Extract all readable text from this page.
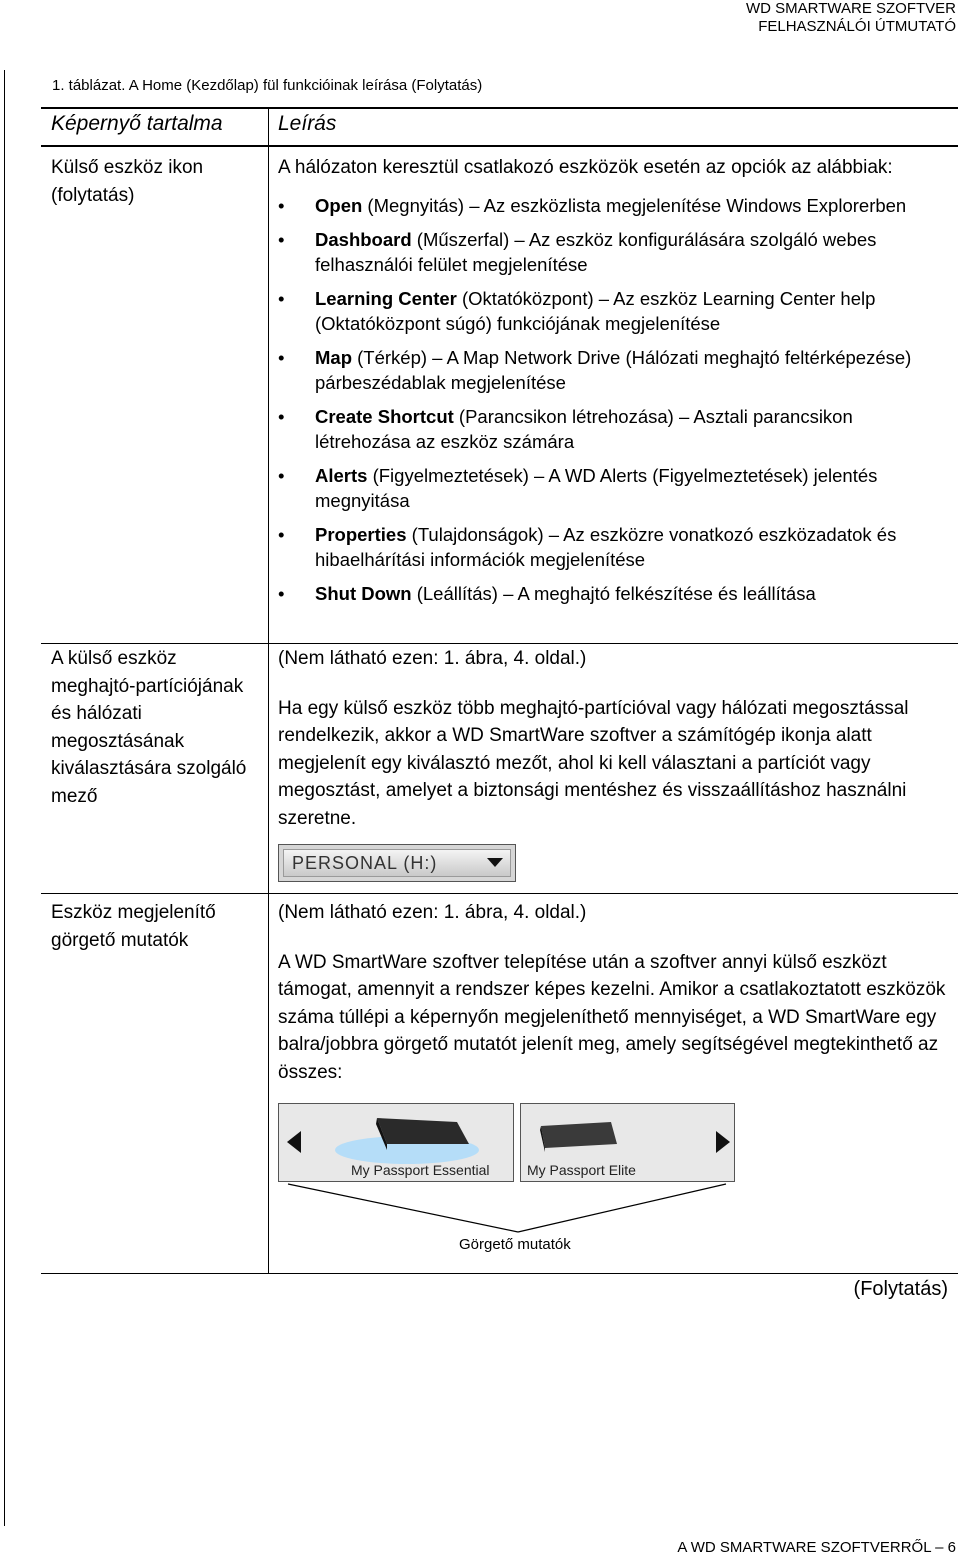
WD SMARTWARE SZOFTVER
FELHASZNÁLÓI ÚTMUTATÓ
1. táblázat. A Home (Kezdőlap) fül funkcióinak leírása (Folytatás)
Képernyő tartalma	Leírás
Külső eszköz ikon (folytatás)
A hálózaton keresztül csatlakozó eszközök esetén az opciók az alábbiak:
• Open (Megnyitás) – Az eszközlista megjelenítése Windows Explorerben
• Dashboard (Műszerfal) – Az eszköz konfigurálására szolgáló webes felhasználói felület megjelenítése
• Learning Center (Oktatóközpont) – Az eszköz Learning Center help (Oktatóközpont súgó) funkciójának megjelenítése
• Map (Térkép) – A Map Network Drive (Hálózati meghajtó feltérképezése) párbeszédablak megjelenítése
• Create Shortcut (Parancsikon létrehozása) – Asztali parancsikon létrehozása az eszköz számára
• Alerts (Figyelmeztetések) – A WD Alerts (Figyelmeztetések) jelentés megnyitása
• Properties (Tulajdonságok) – Az eszközre vonatkozó eszközadatok és hibaelhárítási információk megjelenítése
• Shut Down (Leállítás) – A meghajtó felkészítése és leállítása
A külső eszköz meghajtó-partíciójának és hálózati megosztásának kiválasztására szolgáló mező
(Nem látható ezen: 1. ábra, 4. oldal.)
Ha egy külső eszköz több meghajtó-partícióval vagy hálózati megosztással rendelkezik, akkor a WD SmartWare szoftver a számítógép ikonja alatt megjelenít egy kiválasztó mezőt, ahol ki kell választani a partíciót vagy megosztást, amelyet a biztonsági mentéshez és visszaállításhoz használni szeretne.
PERSONAL (H:)
Eszköz megjelenítő görgető mutatók
(Nem látható ezen: 1. ábra, 4. oldal.)
A WD SmartWare szoftver telepítése után a szoftver annyi külső eszközt támogat, amennyit a rendszer képes kezelni. Amikor a csatlakoztatott eszközök száma túllépi a képernyőn megjeleníthető mennyiséget, a WD SmartWare egy balra/jobbra görgető mutatót jelenít meg, amely segítségével megtekinthető az összes:
My Passport Essential	My Passport Elite
Görgető mutatók
(Folytatás)
A WD SMARTWARE SZOFTVERRŐL – 6
